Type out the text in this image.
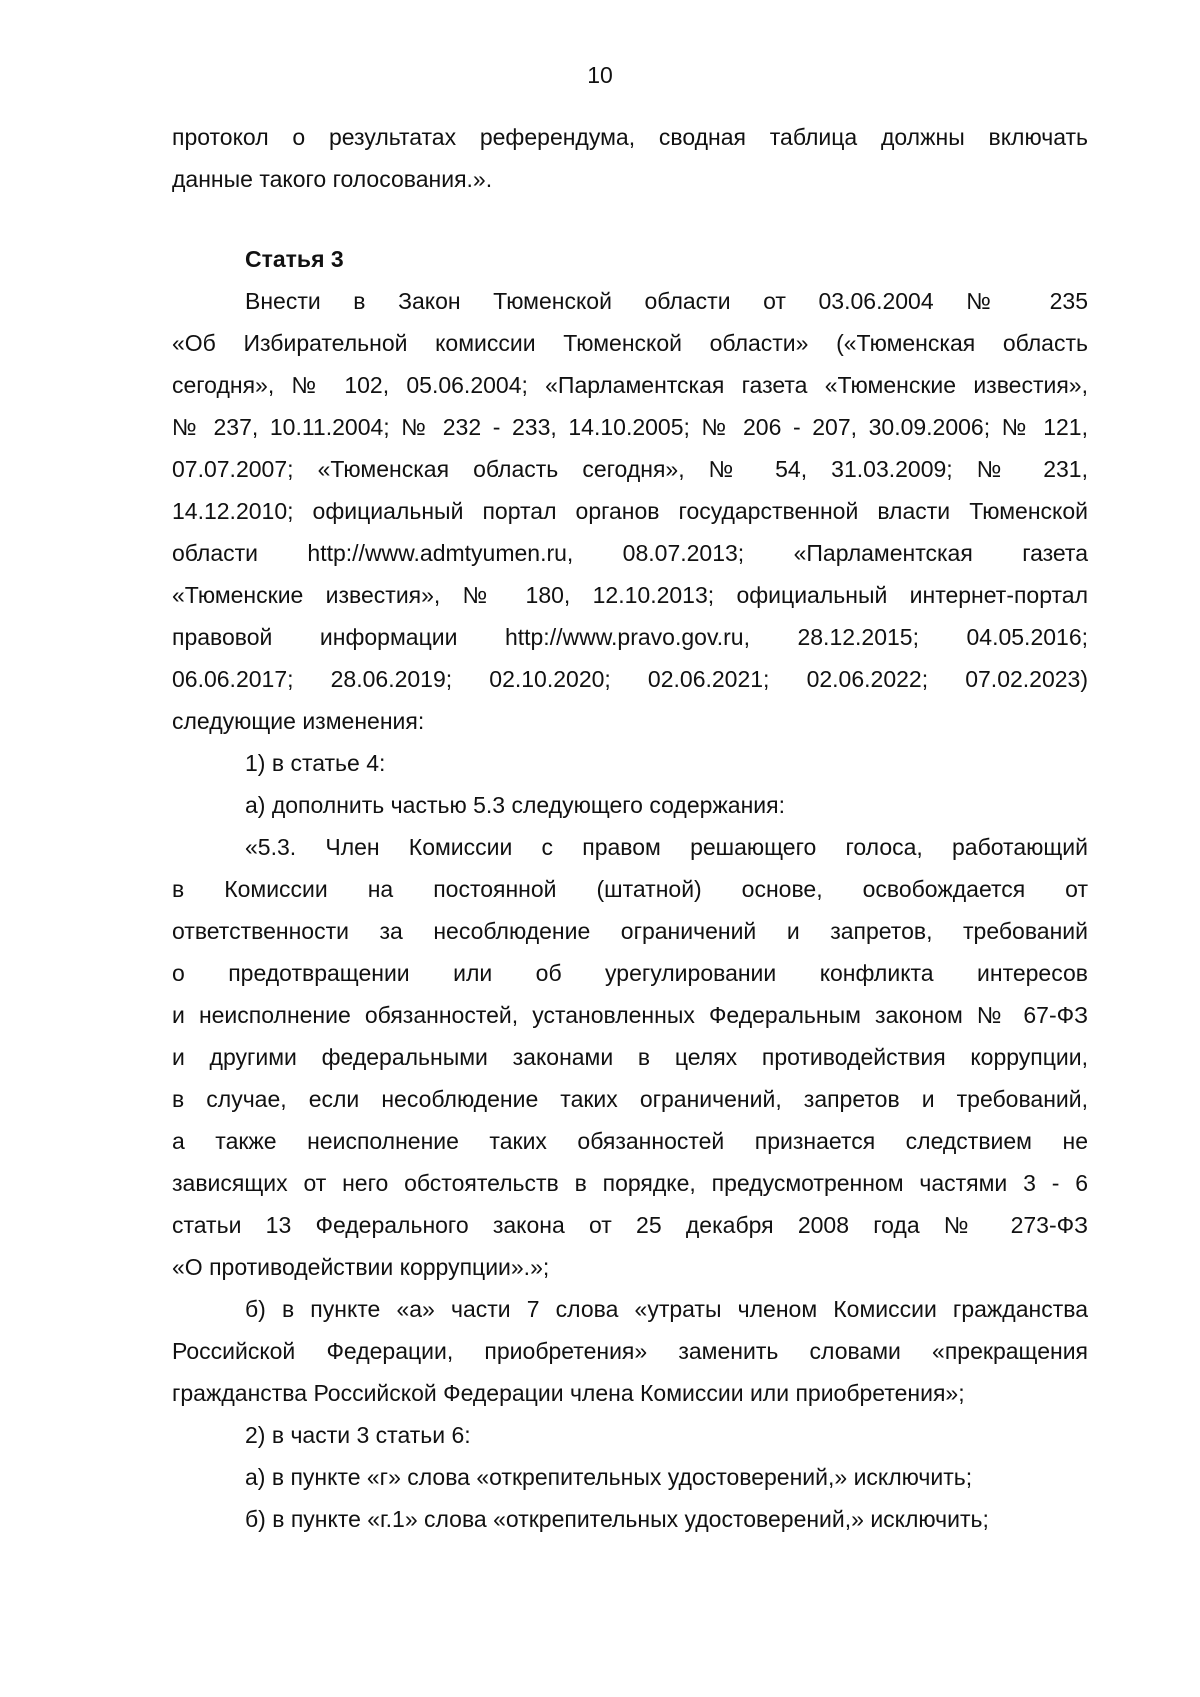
10
протокол о результатах референдума, сводная таблица должны включать
данные такого голосования.».
Статья 3
Внести в Закон Тюменской области от 03.06.2004 № 235
«Об Избирательной комиссии Тюменской области» («Тюменская область
сегодня», № 102, 05.06.2004; «Парламентская газета «Тюменские известия»,
№ 237, 10.11.2004; № 232 - 233, 14.10.2005; № 206 - 207, 30.09.2006; № 121,
07.07.2007; «Тюменская область сегодня», № 54, 31.03.2009; № 231,
14.12.2010; официальный портал органов государственной власти Тюменской
области http://www.admtyumen.ru, 08.07.2013; «Парламентская газета
«Тюменские известия», № 180, 12.10.2013; официальный интернет-портал
правовой информации http://www.pravo.gov.ru, 28.12.2015; 04.05.2016;
06.06.2017; 28.06.2019; 02.10.2020; 02.06.2021; 02.06.2022; 07.02.2023)
следующие изменения:
1) в статье 4:
а) дополнить частью 5.3 следующего содержания:
«5.3. Член Комиссии с правом решающего голоса, работающий
в Комиссии на постоянной (штатной) основе, освобождается от
ответственности за несоблюдение ограничений и запретов, требований
о предотвращении или об урегулировании конфликта интересов
и неисполнение обязанностей, установленных Федеральным законом № 67-ФЗ
и другими федеральными законами в целях противодействия коррупции,
в случае, если несоблюдение таких ограничений, запретов и требований,
а также неисполнение таких обязанностей признается следствием не
зависящих от него обстоятельств в порядке, предусмотренном частями 3 - 6
статьи 13 Федерального закона от 25 декабря 2008 года № 273-ФЗ
«О противодействии коррупции».»;
б) в пункте «а» части 7 слова «утраты членом Комиссии гражданства
Российской Федерации, приобретения» заменить словами «прекращения
гражданства Российской Федерации члена Комиссии или приобретения»;
2) в части 3 статьи 6:
а) в пункте «г» слова «открепительных удостоверений,» исключить;
б) в пункте «г.1» слова «открепительных удостоверений,» исключить;
